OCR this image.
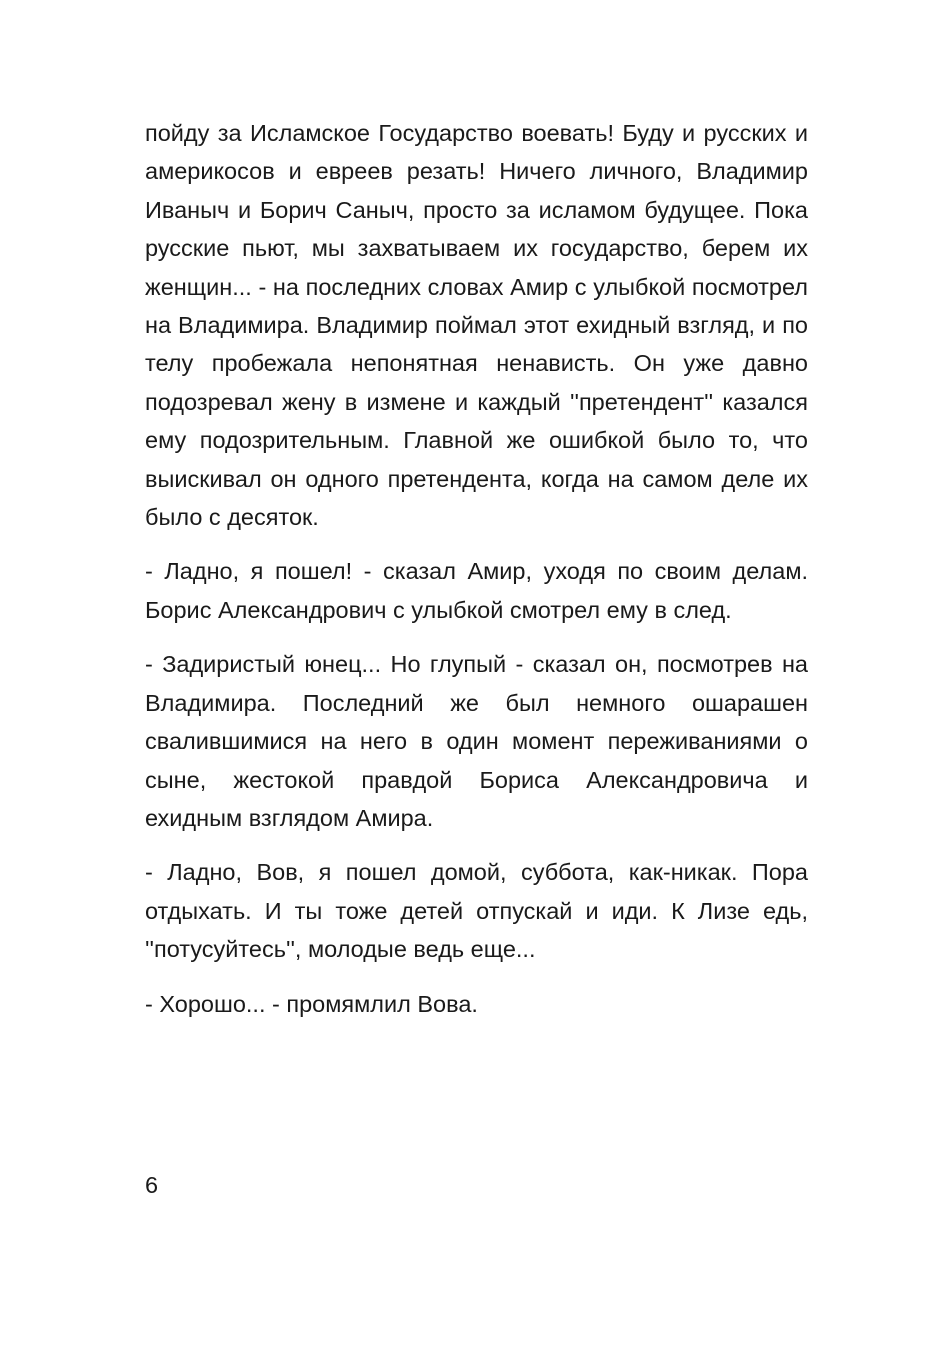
пойду за Исламское Государство воевать! Буду и русских и америкосов и евреев резать! Ничего личного, Владимир Иваныч и Борич Саныч, просто за исламом будущее. Пока русские пьют, мы захватываем их государство, берем их женщин... - на последних словах Амир с улыбкой посмотрел на Владимира. Владимир поймал этот ехидный взгляд, и по телу пробежала непонятная ненависть. Он уже давно подозревал жену в измене и каждый ''претендент'' казался ему подозрительным. Главной же ошибкой было то, что выискивал он одного претендента, когда на самом деле их было с десяток.

- Ладно, я пошел! - сказал Амир, уходя по своим делам. Борис Александрович с улыбкой смотрел ему в след.

- Задиристый юнец... Но глупый - сказал он, посмотрев на Владимира. Последний же был немного ошарашен свалившимися на него в один момент переживаниями о сыне, жестокой правдой Бориса Александровича и ехидным взглядом Амира.

- Ладно, Вов, я пошел домой, суббота, как-никак. Пора отдыхать. И ты тоже детей отпускай и иди. К Лизе едь, ''потусуйтесь'', молодые ведь еще...

- Хорошо... - промямлил Вова.

6
